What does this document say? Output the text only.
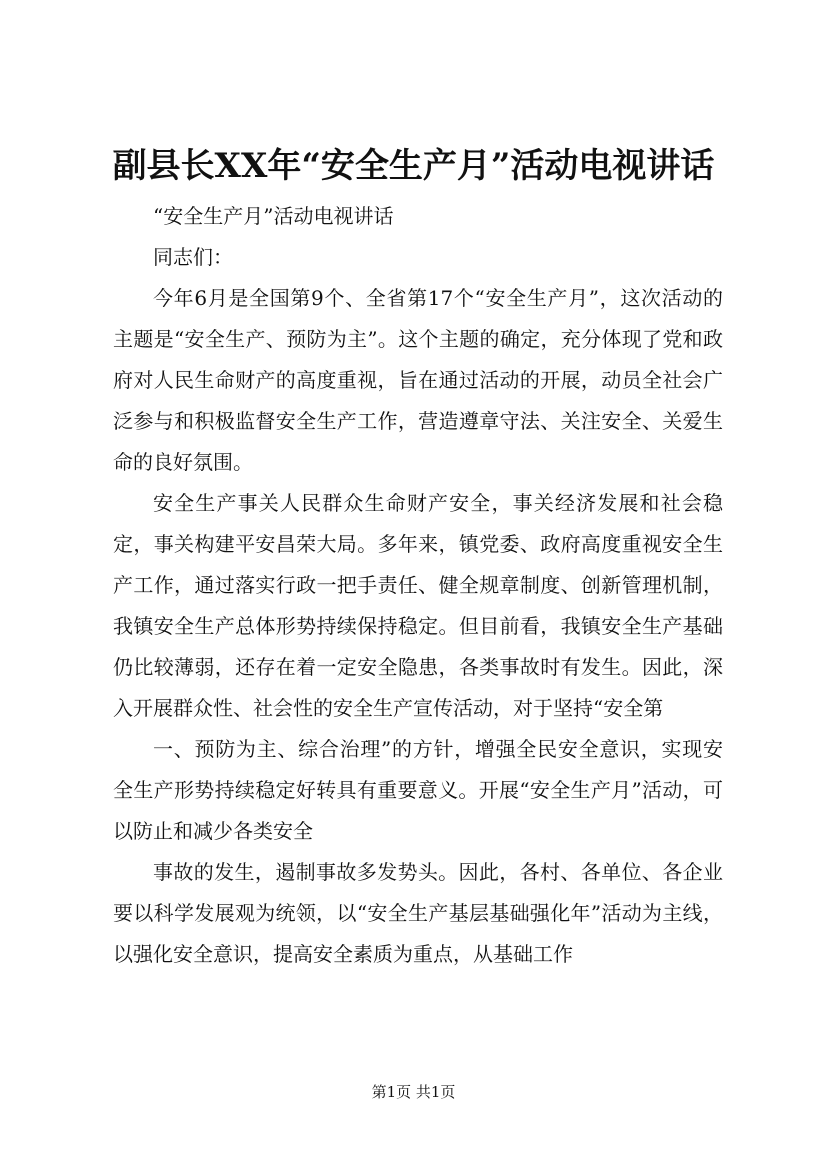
副县长XX年“安全生产月”活动电视讲话

“安全生产月”活动电视讲话

同志们：

今年6月是全国第9个、全省第17个“安全生产月”，这次活动的主题是“安全生产、预防为主”。这个主题的确定，充分体现了党和政府对人民生命财产的高度重视，旨在通过活动的开展，动员全社会广泛参与和积极监督安全生产工作，营造遵章守法、关注安全、关爱生命的良好氛围。

安全生产事关人民群众生命财产安全，事关经济发展和社会稳定，事关构建平安昌荣大局。多年来，镇党委、政府高度重视安全生产工作，通过落实行政一把手责任、健全规章制度、创新管理机制，我镇安全生产总体形势持续保持稳定。但目前看，我镇安全生产基础仍比较薄弱，还存在着一定安全隐患，各类事故时有发生。因此，深入开展群众性、社会性的安全生产宣传活动，对于坚持“安全第

一、预防为主、综合治理”的方针，增强全民安全意识，实现安全生产形势持续稳定好转具有重要意义。开展“安全生产月”活动，可以防止和减少各类安全

事故的发生，遏制事故多发势头。因此，各村、各单位、各企业要以科学发展观为统领，以“安全生产基层基础强化年”活动为主线，以强化安全意识，提高安全素质为重点，从基础工作

第1页 共1页
